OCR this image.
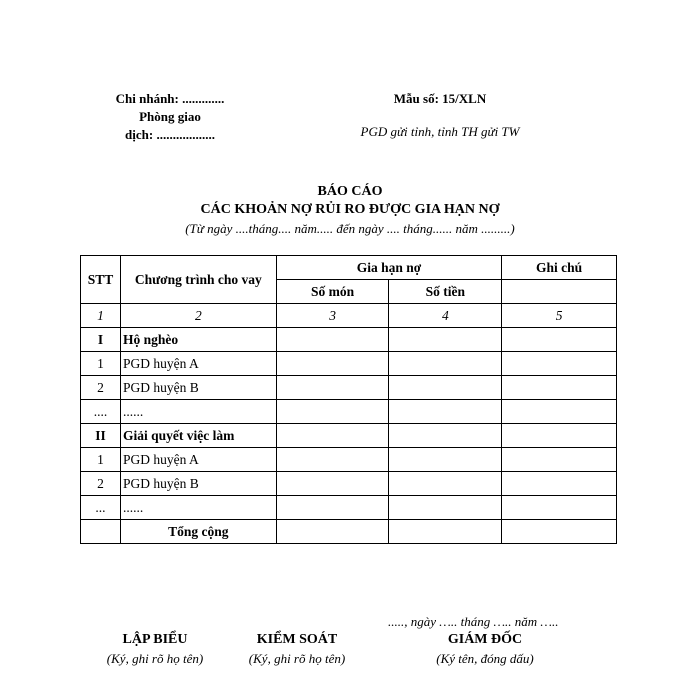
Chi nhánh: .............
Phòng giao
dịch: ..................
Mẫu số: 15/XLN
PGD gửi tỉnh, tỉnh TH gửi TW
BÁO CÁO
CÁC KHOẢN NỢ RỦI RO ĐƯỢC GIA HẠN NỢ
(Từ ngày ....tháng.... năm..... đến ngày .... tháng...... năm .........)
STT	Chương trình cho vay	Gia hạn nợ		Ghi chú
		Số món	Số tiền	
1	2	3	4	5
I	Hộ nghèo			
1	PGD huyện A			
2	PGD huyện B			
....	......			
II	Giải quyết việc làm			
1	PGD huyện A			
2	PGD huyện B			
...	......			
	Tổng cộng			
....., ngày ….. tháng ….. năm …..
LẬP BIỂU
(Ký, ghi rõ họ tên)
KIỂM SOÁT
(Ký, ghi rõ họ tên)
GIÁM ĐỐC
(Ký tên, đóng dấu)
